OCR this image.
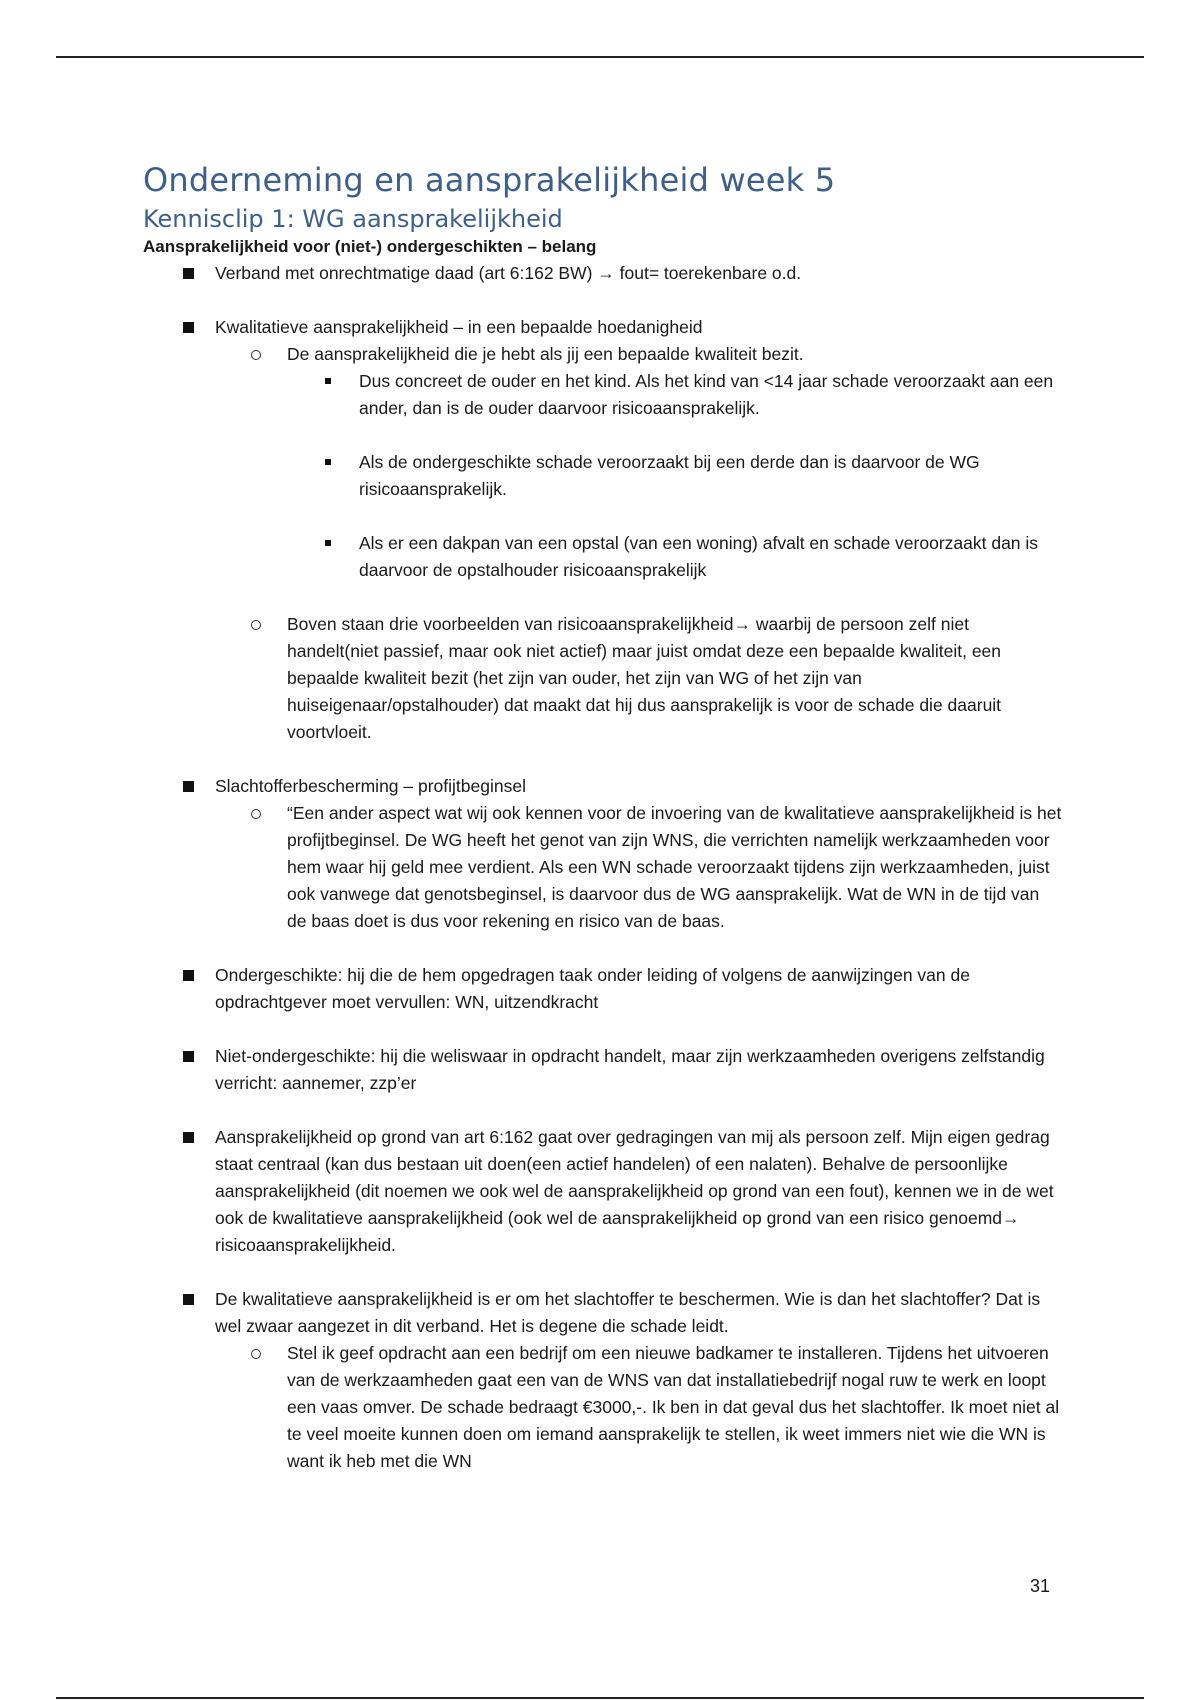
Onderneming en aansprakelijkheid week 5
Kennisclip 1: WG aansprakelijkheid
Aansprakelijkheid voor (niet-) ondergeschikten – belang
Verband met onrechtmatige daad (art 6:162 BW) → fout= toerekenbare o.d.
Kwalitatieve aansprakelijkheid – in een bepaalde hoedanigheid
De aansprakelijkheid die je hebt als jij een bepaalde kwaliteit bezit.
Dus concreet de ouder en het kind. Als het kind van <14 jaar schade veroorzaakt aan een ander, dan is de ouder daarvoor risicoaansprakelijk.
Als de ondergeschikte schade veroorzaakt bij een derde dan is daarvoor de WG risicoaansprakelijk.
Als er een dakpan van een opstal (van een woning) afvalt en schade veroorzaakt dan is daarvoor de opstalhouder risicoaansprakelijk
Boven staan drie voorbeelden van risicoaansprakelijkheid→ waarbij de persoon zelf niet handelt(niet passief, maar ook niet actief) maar juist omdat deze een bepaalde kwaliteit, een bepaalde kwaliteit bezit (het zijn van ouder, het zijn van WG of het zijn van huiseigenaar/opstalhouder) dat maakt dat hij dus aansprakelijk is voor de schade die daaruit voortvloeit.
Slachtofferbescherming – profijtbeginsel
“Een ander aspect wat wij ook kennen voor de invoering van de kwalitatieve aansprakelijkheid is het profijtbeginsel. De WG heeft het genot van zijn WNS, die verrichten namelijk werkzaamheden voor hem waar hij geld mee verdient. Als een WN schade veroorzaakt tijdens zijn werkzaamheden, juist ook vanwege dat genotsbeginsel, is daarvoor dus de WG aansprakelijk. Wat de WN in de tijd van de baas doet is dus voor rekening en risico van de baas.
Ondergeschikte: hij die de hem opgedragen taak onder leiding of volgens de aanwijzingen van de opdrachtgever moet vervullen: WN, uitzendkracht
Niet-ondergeschikte: hij die weliswaar in opdracht handelt, maar zijn werkzaamheden overigens zelfstandig verricht: aannemer, zzp’er
Aansprakelijkheid op grond van art 6:162 gaat over gedragingen van mij als persoon zelf. Mijn eigen gedrag staat centraal (kan dus bestaan uit doen(een actief handelen) of een nalaten). Behalve de persoonlijke aansprakelijkheid (dit noemen we ook wel de aansprakelijkheid op grond van een fout), kennen we in de wet ook de kwalitatieve aansprakelijkheid (ook wel de aansprakelijkheid op grond van een risico genoemd→ risicoaansprakelijkheid.
De kwalitatieve aansprakelijkheid is er om het slachtoffer te beschermen. Wie is dan het slachtoffer? Dat is wel zwaar aangezet in dit verband. Het is degene die schade leidt.
Stel ik geef opdracht aan een bedrijf om een nieuwe badkamer te installeren. Tijdens het uitvoeren van de werkzaamheden gaat een van de WNS van dat installatiebedrijf nogal ruw te werk en loopt een vaas omver. De schade bedraagt €3000,-. Ik ben in dat geval dus het slachtoffer. Ik moet niet al te veel moeite kunnen doen om iemand aansprakelijk te stellen, ik weet immers niet wie die WN is want ik heb met die WN
31
